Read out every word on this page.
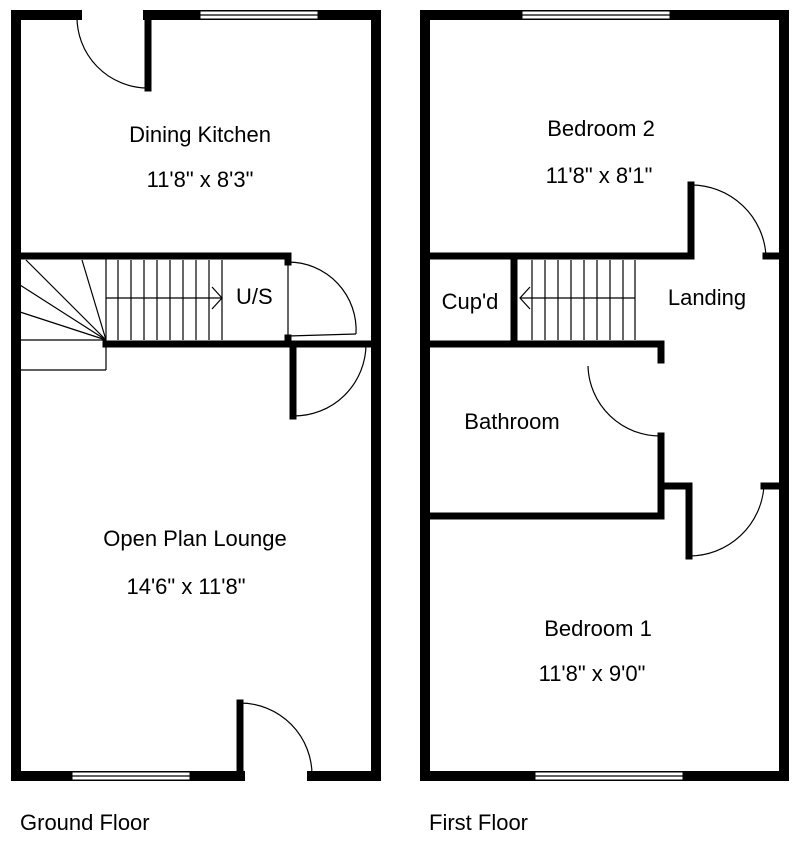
Dining Kitchen
11'8" x 8'3"
U/S
Open Plan Lounge
14'6" x 11'8"
Bedroom 2
11'8" x 8'1"
Cup'd	Landing
Bathroom
Bedroom 1
11'8" x 9'0"
Ground Floor	First Floor
